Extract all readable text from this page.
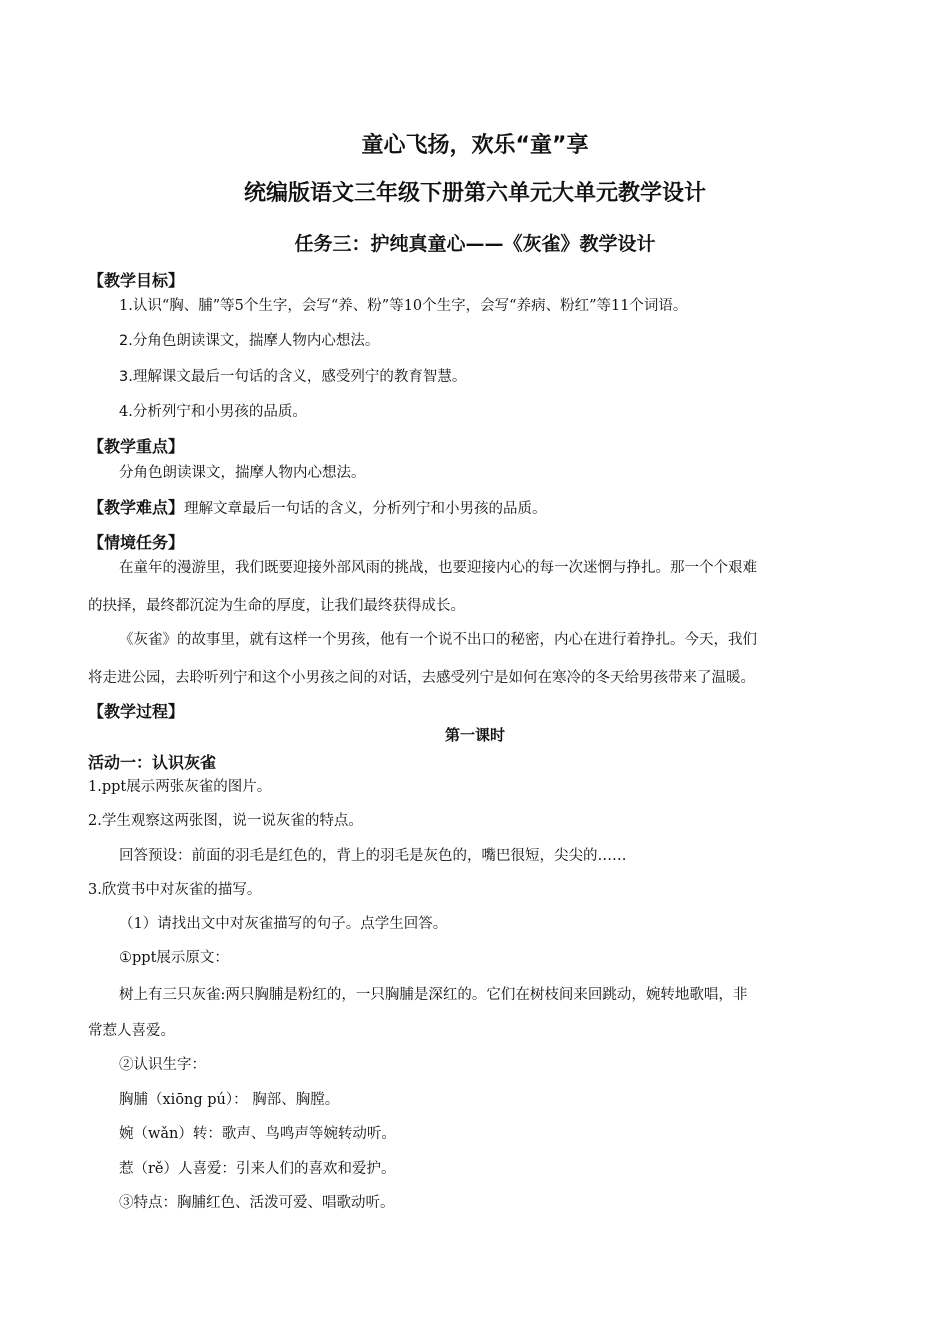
童心飞扬，欢乐“童”享
统编版语文三年级下册第六单元大单元教学设计
任务三：护纯真童心——《灰雀》教学设计
【教学目标】
1.认识“胸、脯”等5个生字，会写“养、粉”等10个生字，会写“养病、粉红”等11个词语。
2.分角色朗读课文，揣摩人物内心想法。
3.理解课文最后一句话的含义，感受列宁的教育智慧。
4.分析列宁和小男孩的品质。
【教学重点】
分角色朗读课文，揣摩人物内心想法。
【教学难点】理解文章最后一句话的含义，分析列宁和小男孩的品质。
【情境任务】
在童年的漫游里，我们既要迎接外部风雨的挑战，也要迎接内心的每一次迷惘与挣扎。那一个个艰难
的抉择，最终都沉淀为生命的厚度，让我们最终获得成长。
《灰雀》的故事里，就有这样一个男孩，他有一个说不出口的秘密，内心在进行着挣扎。今天，我们
将走进公园，去聆听列宁和这个小男孩之间的对话，去感受列宁是如何在寒冷的冬天给男孩带来了温暖。
【教学过程】
第一课时
活动一：认识灰雀
1.ppt展示两张灰雀的图片。
2.学生观察这两张图，说一说灰雀的特点。
回答预设：前面的羽毛是红色的，背上的羽毛是灰色的，嘴巴很短，尖尖的……
3.欣赏书中对灰雀的描写。
（1）请找出文中对灰雀描写的句子。点学生回答。
①ppt展示原文：
树上有三只灰雀:两只胸脯是粉红的，一只胸脯是深红的。它们在树枝间来回跳动，婉转地歌唱，非
常惹人喜爱。
②认识生字：
胸脯（xiōng pú）： 胸部、胸膛。
婉（wǎn）转：歌声、鸟鸣声等婉转动听。
惹（rě）人喜爱：引来人们的喜欢和爱护。
③特点：胸脯红色、活泼可爱、唱歌动听。
